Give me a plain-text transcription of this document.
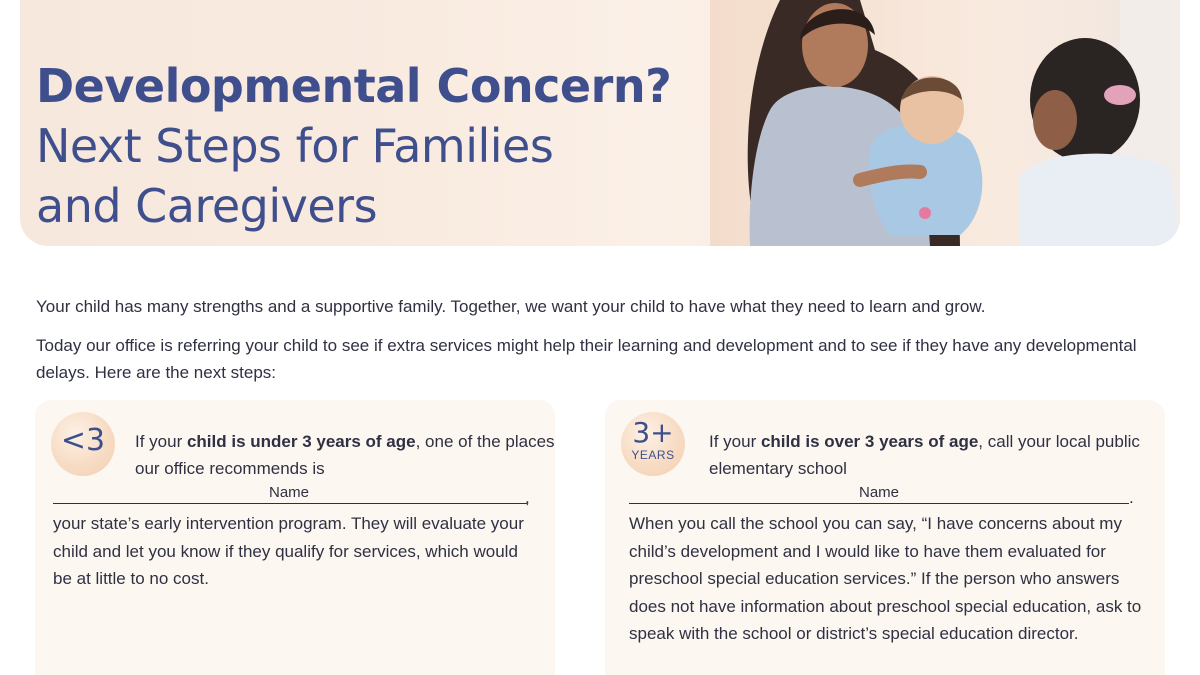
Developmental Concern?
Next Steps for Families
and Caregivers

Your child has many strengths and a supportive family. Together, we want your child to have what they need to learn and grow.

Today our office is referring your child to see if extra services might help their learning and development and to see if they have any developmental delays. Here are the next steps:

<3	If your child is under 3 years of age, one of the places our office recommends is
Name	,
your state’s early intervention program. They will evaluate your child and let you know if they qualify for services, which would be at little to no cost.
3+
YEARS
If your child is over 3 years of age, call your local public elementary school
Name	.
When you call the school you can say, “I have concerns about my child’s development and I would like to have them evaluated for preschool special education services.” If the person who answers does not have information about preschool special education, ask to speak with the school or district’s special education director.
